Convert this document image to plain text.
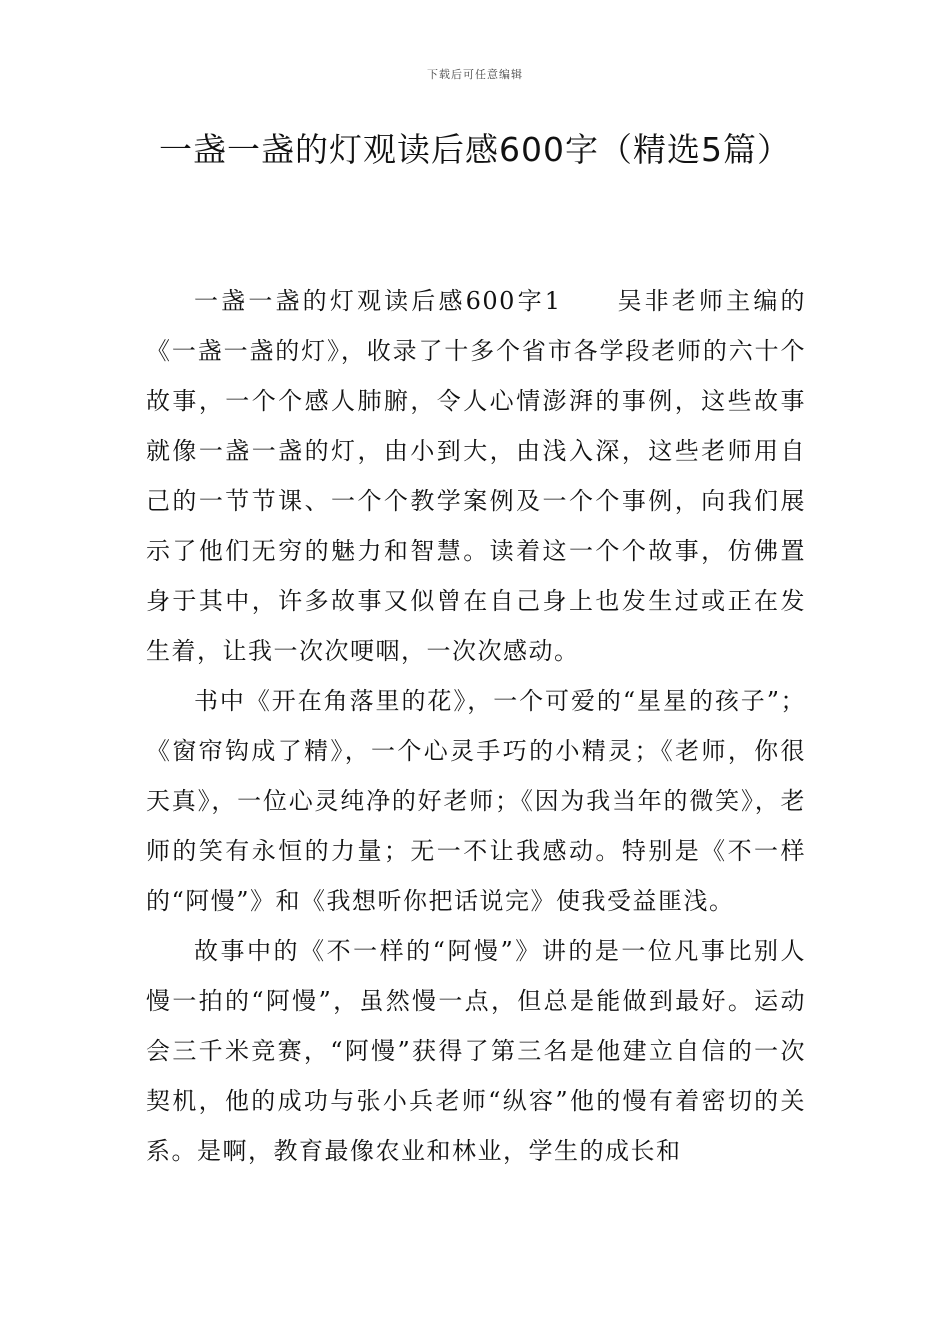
下载后可任意编辑
一盏一盏的灯观读后感600字（精选5篇）

一盏一盏的灯观读后感600字1　　吴非老师主编的《一盏一盏的灯》，收录了十多个省市各学段老师的六十个故事，一个个感人肺腑，令人心情澎湃的事例，这些故事就像一盏一盏的灯，由小到大，由浅入深，这些老师用自己的一节节课、一个个教学案例及一个个事例，向我们展示了他们无穷的魅力和智慧。读着这一个个故事，仿佛置身于其中，许多故事又似曾在自己身上也发生过或正在发生着，让我一次次哽咽，一次次感动。

书中《开在角落里的花》，一个可爱的“星星的孩子”；《窗帘钩成了精》，一个心灵手巧的小精灵；《老师，你很天真》，一位心灵纯净的好老师；《因为我当年的微笑》，老师的笑有永恒的力量；无一不让我感动。特别是《不一样的“阿慢”》和《我想听你把话说完》使我受益匪浅。

故事中的《不一样的“阿慢”》讲的是一位凡事比别人慢一拍的“阿慢”，虽然慢一点，但总是能做到最好。运动会三千米竞赛，“阿慢”获得了第三名是他建立自信的一次契机，他的成功与张小兵老师“纵容”他的慢有着密切的关系。是啊，教育最像农业和林业，学生的成长和
